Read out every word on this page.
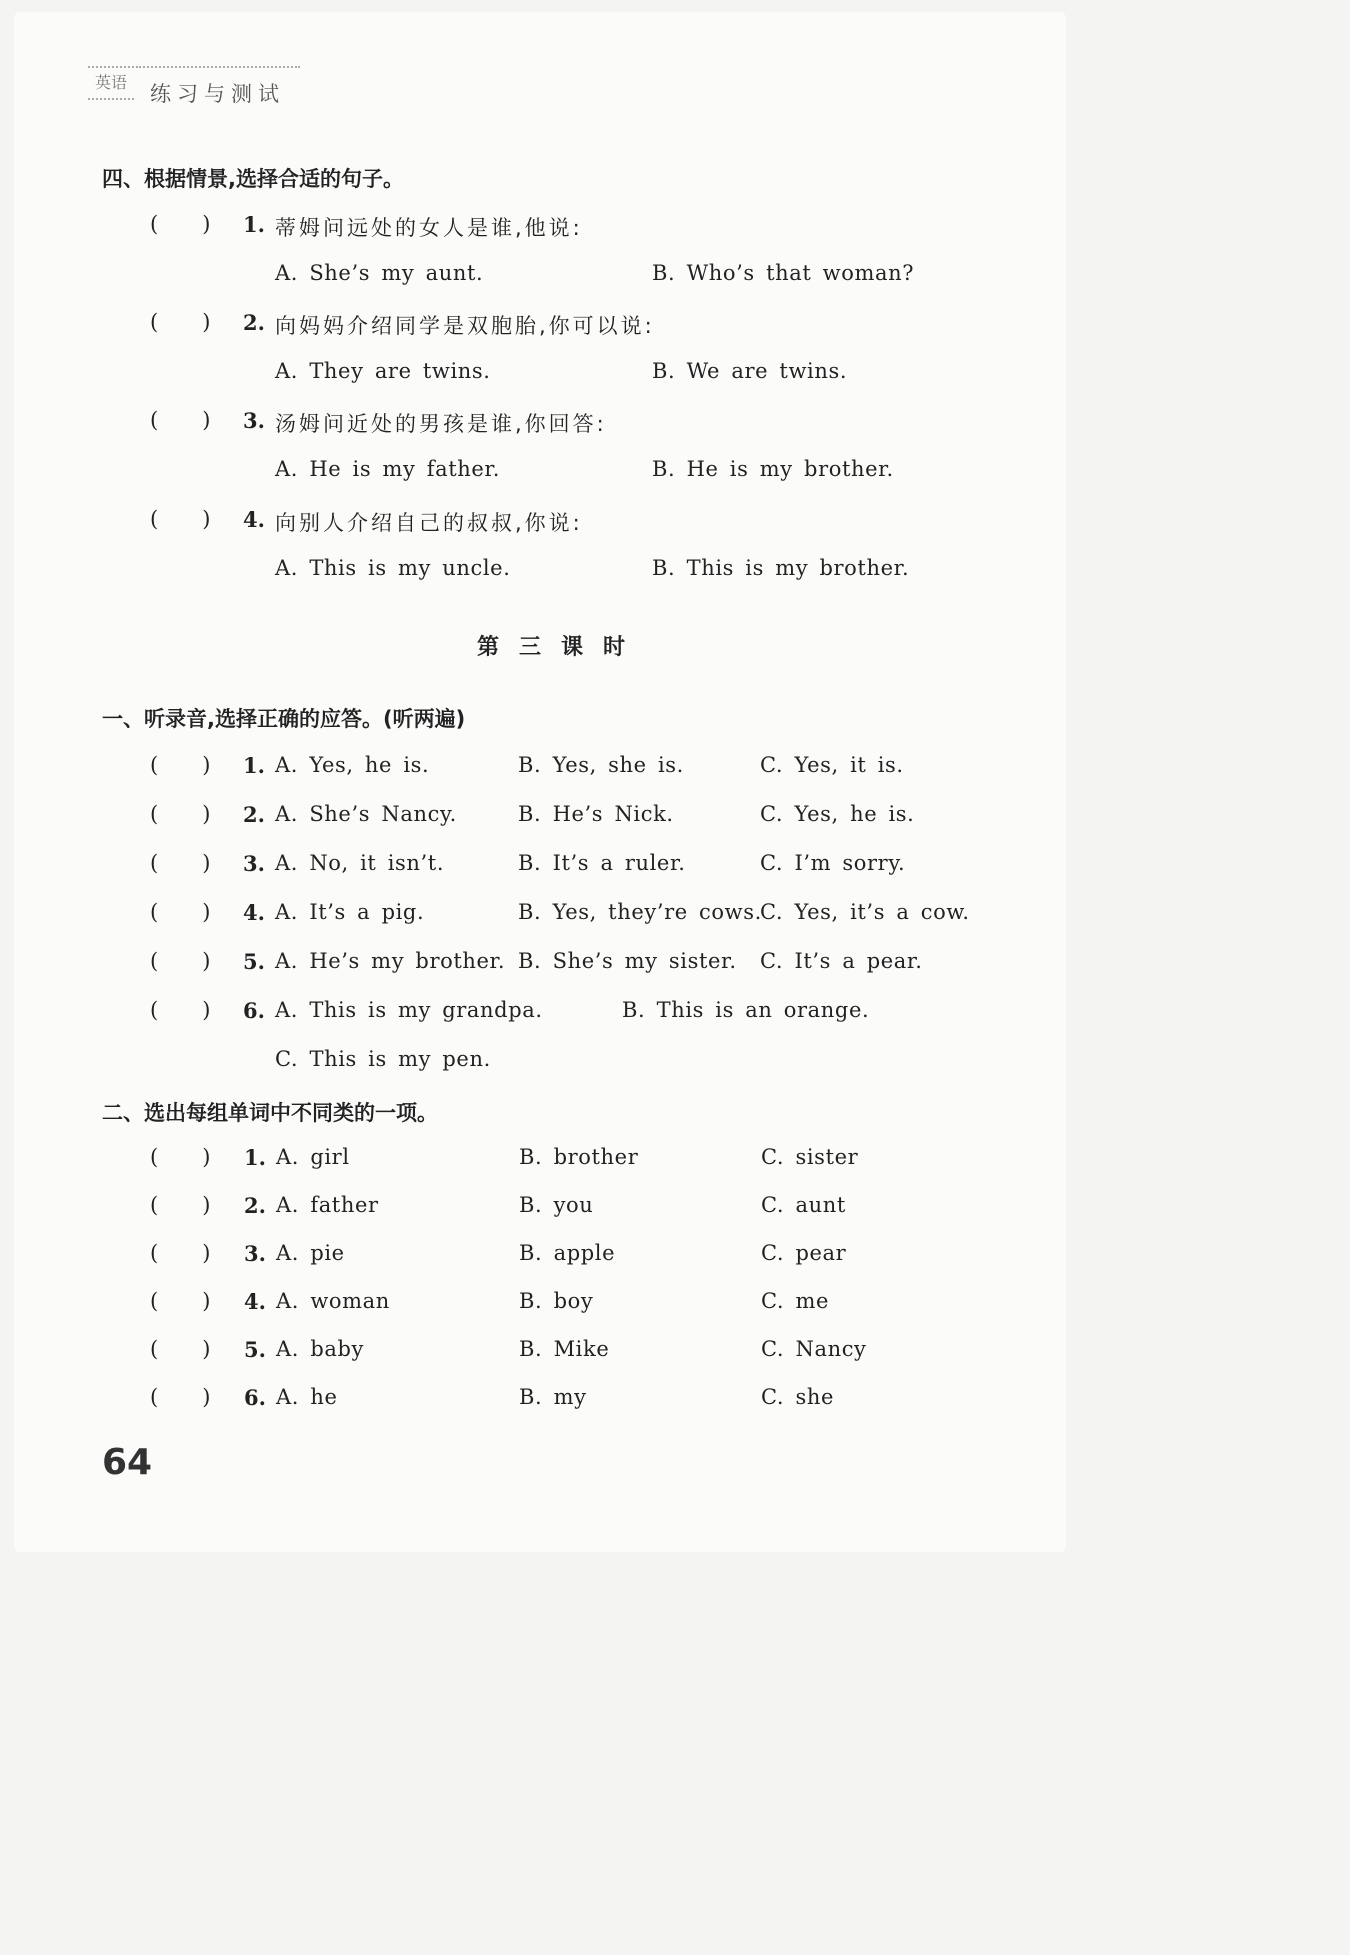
英语	练习与测试
四、根据情景,选择合适的句子。
( ) 1. 蒂姆问远处的女人是谁,他说:
A. She’s my aunt.	B. Who’s that woman?
( ) 2. 向妈妈介绍同学是双胞胎,你可以说:
A. They are twins.	B. We are twins.
( ) 3. 汤姆问近处的男孩是谁,你回答:
A. He is my father.	B. He is my brother.
( ) 4. 向别人介绍自己的叔叔,你说:
A. This is my uncle.	B. This is my brother.
第三课时
一、听录音,选择正确的应答。(听两遍)
( ) 1. A. Yes, he is.	B. Yes, she is.	C. Yes, it is.
( ) 2. A. She’s Nancy.	B. He’s Nick.	C. Yes, he is.
( ) 3. A. No, it isn’t.	B. It’s a ruler.	C. I’m sorry.
( ) 4. A. It’s a pig.	B. Yes, they’re cows.
C. Yes, it’s a cow.
( ) 5. A. He’s my brother. B. She’s my sister. C. It’s a pear.
( ) 6. A. This is my grandpa.	B. This is an orange.
C. This is my pen.
二、选出每组单词中不同类的一项。
( ) 1. A. girl	B. brother	C. sister
( ) 2. A. father	B. you	C. aunt
( ) 3. A. pie	B. apple	C. pear
( ) 4. A. woman	B. boy	C. me
( ) 5. A. baby	B. Mike	C. Nancy
( ) 6. A. he	B. my	C. she
64
